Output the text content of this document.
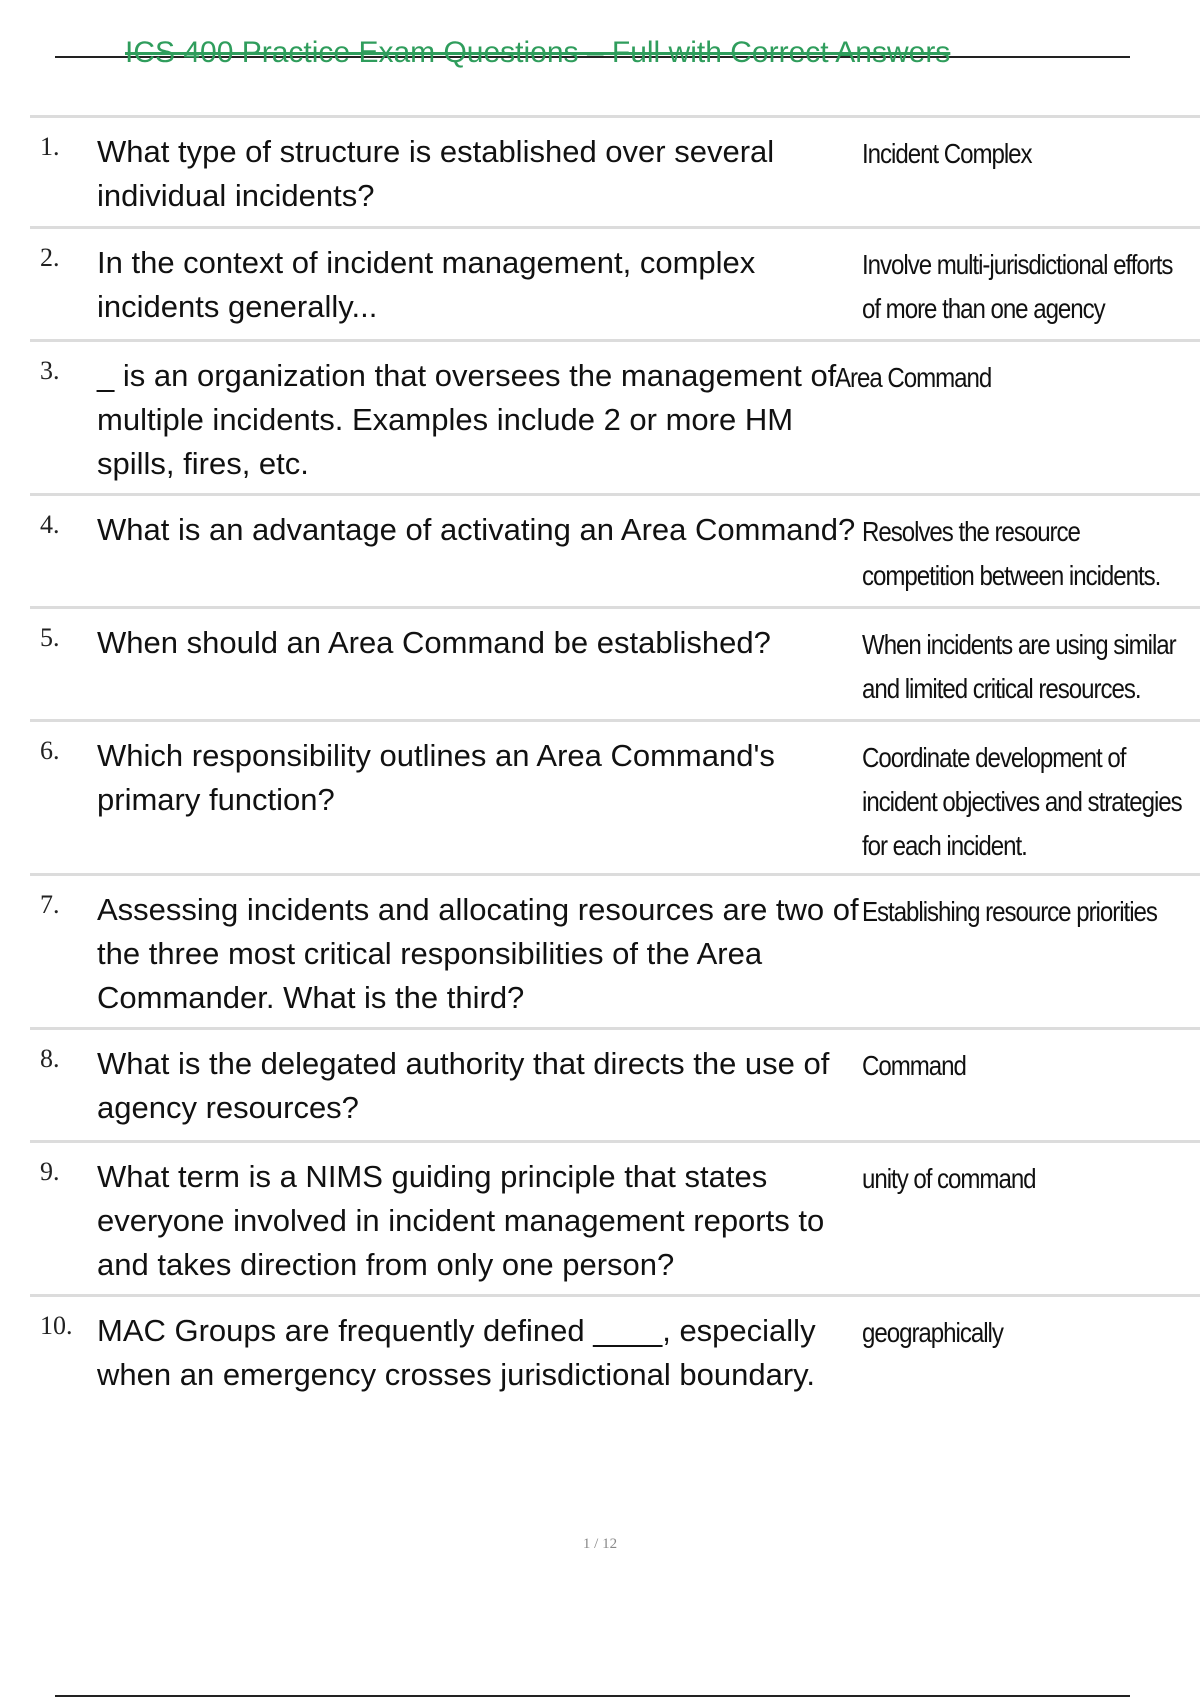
ICS 400 Practice Exam Questions – Full with Correct Answers
1. What type of structure is established over several individual incidents?
Incident Complex
2. In the context of incident management, complex incidents generally...
Involve multi-jurisdictional efforts of more than one agency
3. _ is an organization that oversees the management of multiple incidents. Examples include 2 or more HM spills, fires, etc.
Area Command
4. What is an advantage of activating an Area Command? Resolves the resource competition between incidents.
5. When should an Area Command be established?	When incidents are using similar and limited critical resources.
6. Which responsibility outlines an Area Command's primary function?
Coordinate development of incident objectives and strategies for each incident.
7. Assessing incidents and allocating resources are two of the three most critical responsibilities of the Area Commander. What is the third?
Establishing resource priorities
8. What is the delegated authority that directs the use of agency resources?
Command
9. What term is a NIMS guiding principle that states everyone involved in incident management reports to and takes direction from only one person?
unity of command
10. MAC Groups are frequently defined ____, especially when an emergency crosses jurisdictional boundary.
geographically
1 / 12
